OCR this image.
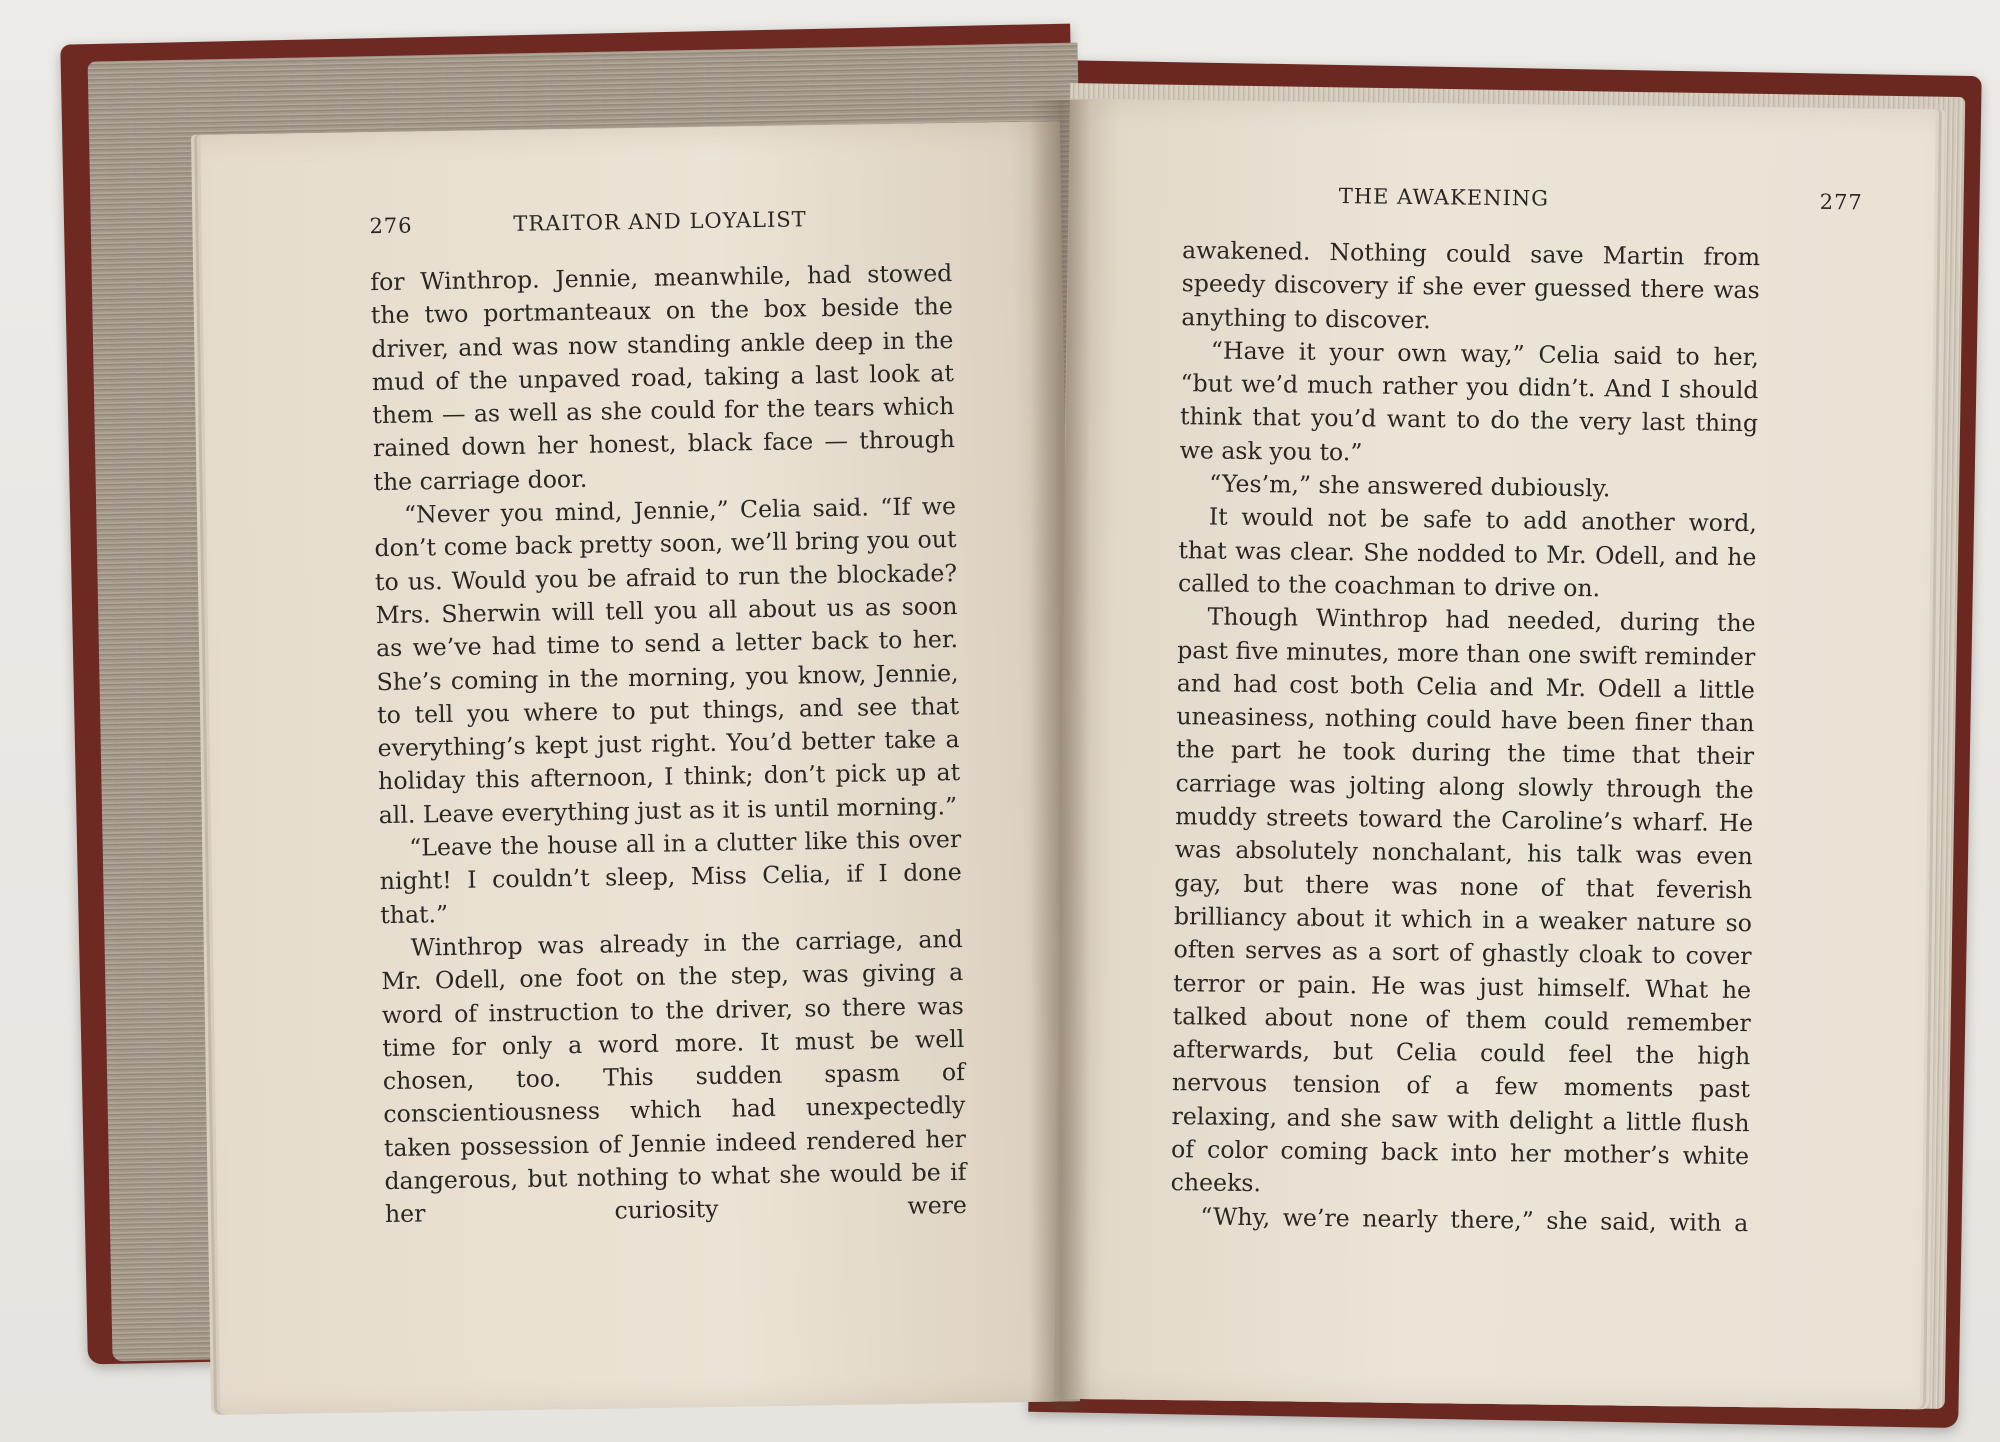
276	TRAITOR AND LOYALIST

for Winthrop. Jennie, meanwhile, had stowed the two portmanteaux on the box beside the driver, and was now standing ankle deep in the mud of the unpaved road, taking a last look at them — as well as she could for the tears which rained down her honest, black face — through the carriage door.

“Never you mind, Jennie,” Celia said. “If we don’t come back pretty soon, we’ll bring you out to us. Would you be afraid to run the blockade? Mrs. Sherwin will tell you all about us as soon as we’ve had time to send a letter back to her. She’s coming in the morning, you know, Jennie, to tell you where to put things, and see that everything’s kept just right. You’d better take a holiday this afternoon, I think; don’t pick up at all. Leave everything just as it is until morning.”

“Leave the house all in a clutter like this over night! I couldn’t sleep, Miss Celia, if I done that.”

Winthrop was already in the carriage, and Mr. Odell, one foot on the step, was giving a word of instruction to the driver, so there was time for only a word more. It must be well chosen, too. This sudden spasm of conscientiousness which had unexpectedly taken possession of Jennie indeed rendered her dangerous, but nothing to what she would be if her curiosity were

THE AWAKENING	277

awakened. Nothing could save Martin from speedy discovery if she ever guessed there was anything to discover.

“Have it your own way,” Celia said to her, “but we’d much rather you didn’t. And I should think that you’d want to do the very last thing we ask you to.”

“Yes’m,” she answered dubiously.

It would not be safe to add another word, that was clear. She nodded to Mr. Odell, and he called to the coachman to drive on.

Though Winthrop had needed, during the past five minutes, more than one swift reminder and had cost both Celia and Mr. Odell a little uneasiness, nothing could have been finer than the part he took during the time that their carriage was jolting along slowly through the muddy streets toward the Caroline’s wharf. He was absolutely nonchalant, his talk was even gay, but there was none of that feverish brilliancy about it which in a weaker nature so often serves as a sort of ghastly cloak to cover terror or pain. He was just himself. What he talked about none of them could remember afterwards, but Celia could feel the high nervous tension of a few moments past relaxing, and she saw with delight a little flush of color coming back into her mother’s white cheeks.

“Why, we’re nearly there,” she said, with a
